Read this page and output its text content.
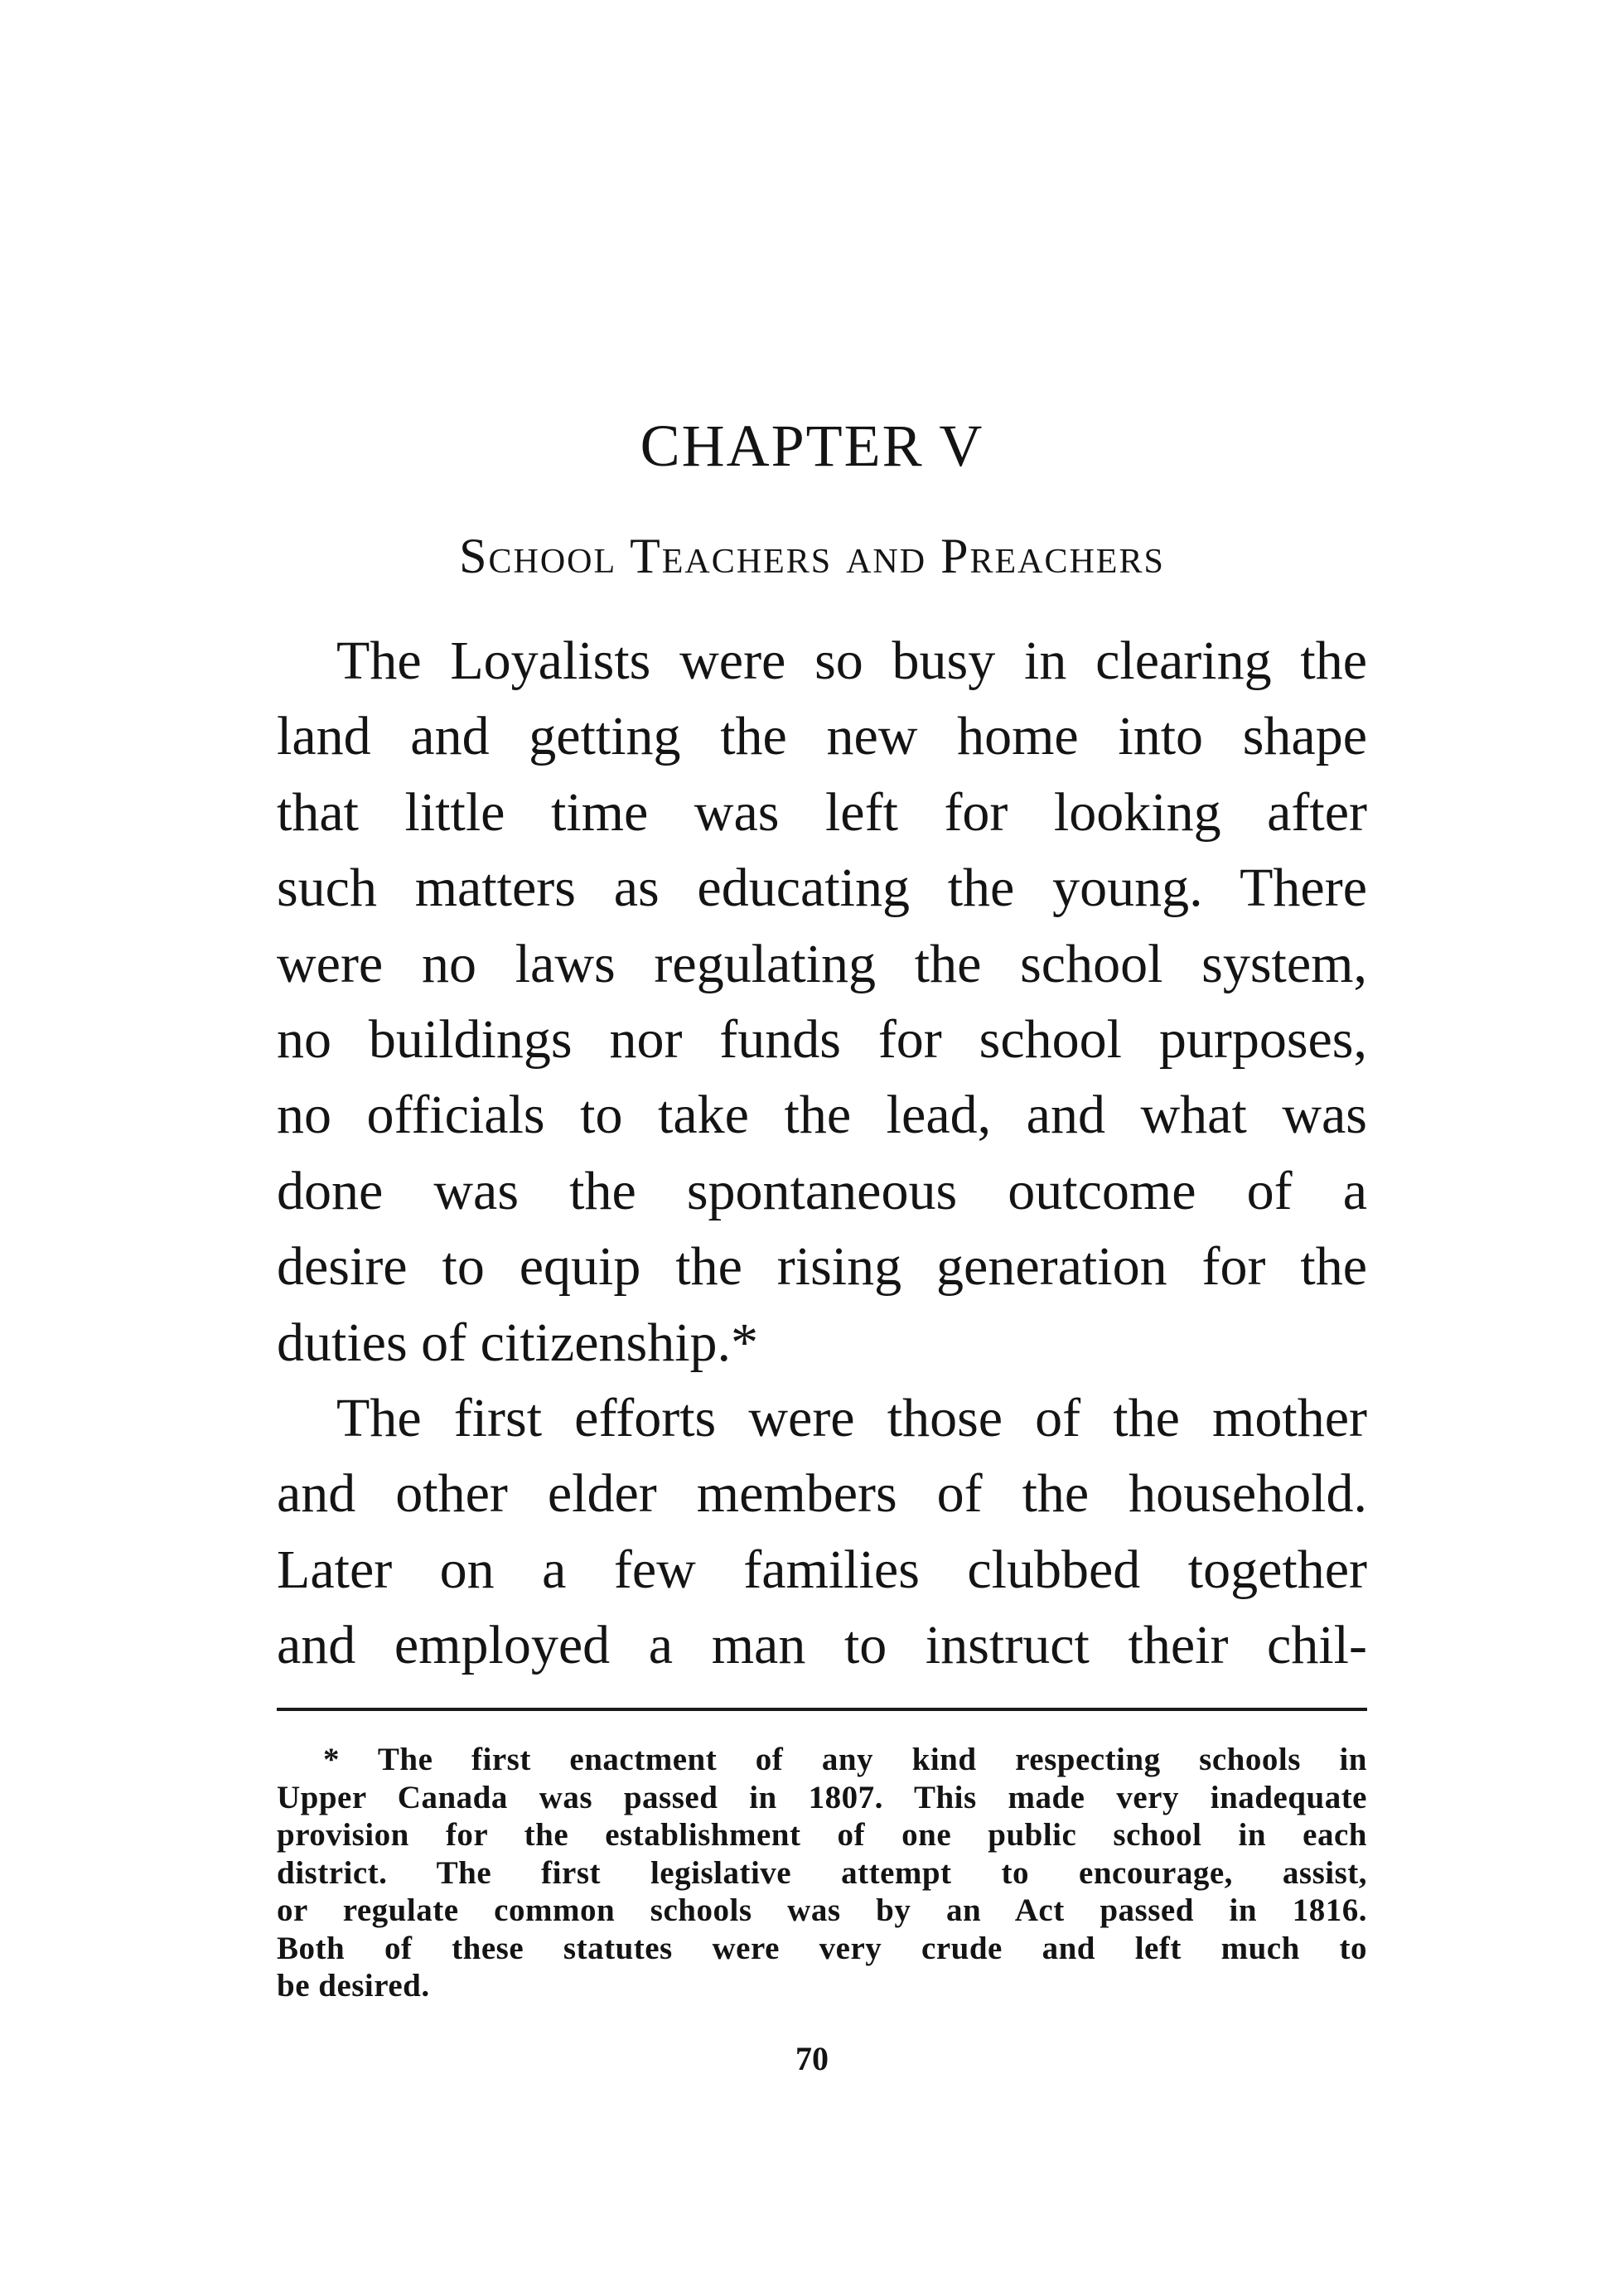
CHAPTER V
School Teachers and Preachers

The Loyalists were so busy in clearing the
land and getting the new home into shape
that little time was left for looking after
such matters as educating the young. There
were no laws regulating the school system,
no buildings nor funds for school purposes,
no officials to take the lead, and what was
done was the spontaneous outcome of a
desire to equip the rising generation for the
duties of citizenship.*

The first efforts were those of the mother
and other elder members of the household.
Later on a few families clubbed together
and employed a man to instruct their chil-

* The first enactment of any kind respecting schools in
Upper Canada was passed in 1807. This made very inadequate
provision for the establishment of one public school in each
district. The first legislative attempt to encourage, assist,
or regulate common schools was by an Act passed in 1816.
Both of these statutes were very crude and left much to
be desired.
70
